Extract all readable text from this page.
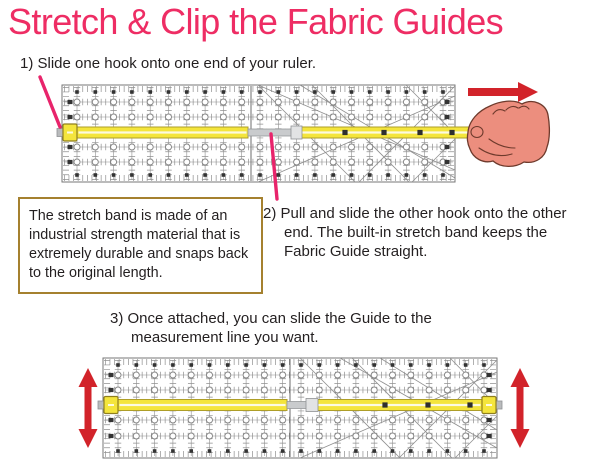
Stretch & Clip the Fabric Guides
1) Slide one hook onto one end of your ruler.
The stretch band is made of an industrial strength material that is extremely durable and snaps back to the original length.
2) Pull and slide the other hook onto the other end. The built-in stretch band keeps the Fabric Guide straight.
3) Once attached, you can slide the Guide to the measurement line you want.
